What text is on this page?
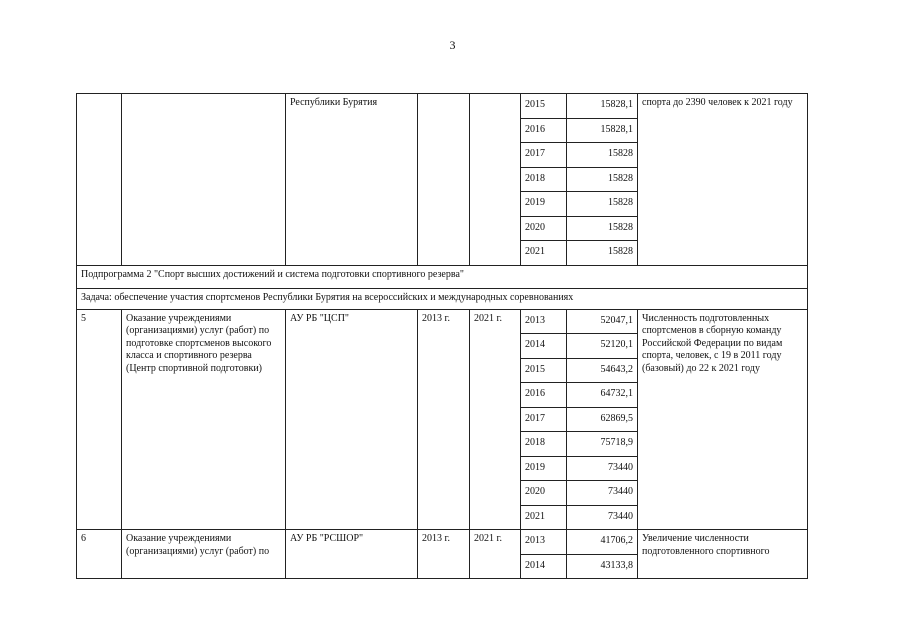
3
		Республики Бурятия			2015	15828,1	спорта до 2390 человек к 2021 году
					2016	15828,1	
					2017	15828	
					2018	15828	
					2019	15828	
					2020	15828	
					2021	15828	
Подпрограмма 2 "Спорт высших достижений и система подготовки спортивного резерва"							
Задача: обеспечение участия спортсменов Республики Бурятия на всероссийских и международных соревнованиях							
5	Оказание учреждениями (организациями) услуг (работ) по подготовке спортсменов высокого класса и спортивного резерва (Центр спортивной подготовки)	АУ РБ "ЦСП"	2013 г.	2021 г.	2013	52047,1	Численность подготовленных спортсменов в сборную команду Российской Федерации по видам спорта, человек, с 19 в 2011 году (базовый) до 22 к 2021 году
					2014	52120,1	
					2015	54643,2	
					2016	64732,1	
					2017	62869,5	
					2018	75718,9	
					2019	73440	
					2020	73440	
					2021	73440	
6	Оказание учреждениями (организациями) услуг (работ) по	АУ РБ "РСШОР"	2013 г.	2021 г.	2013	41706,2	Увеличение численности подготовленного спортивного
					2014	43133,8	
